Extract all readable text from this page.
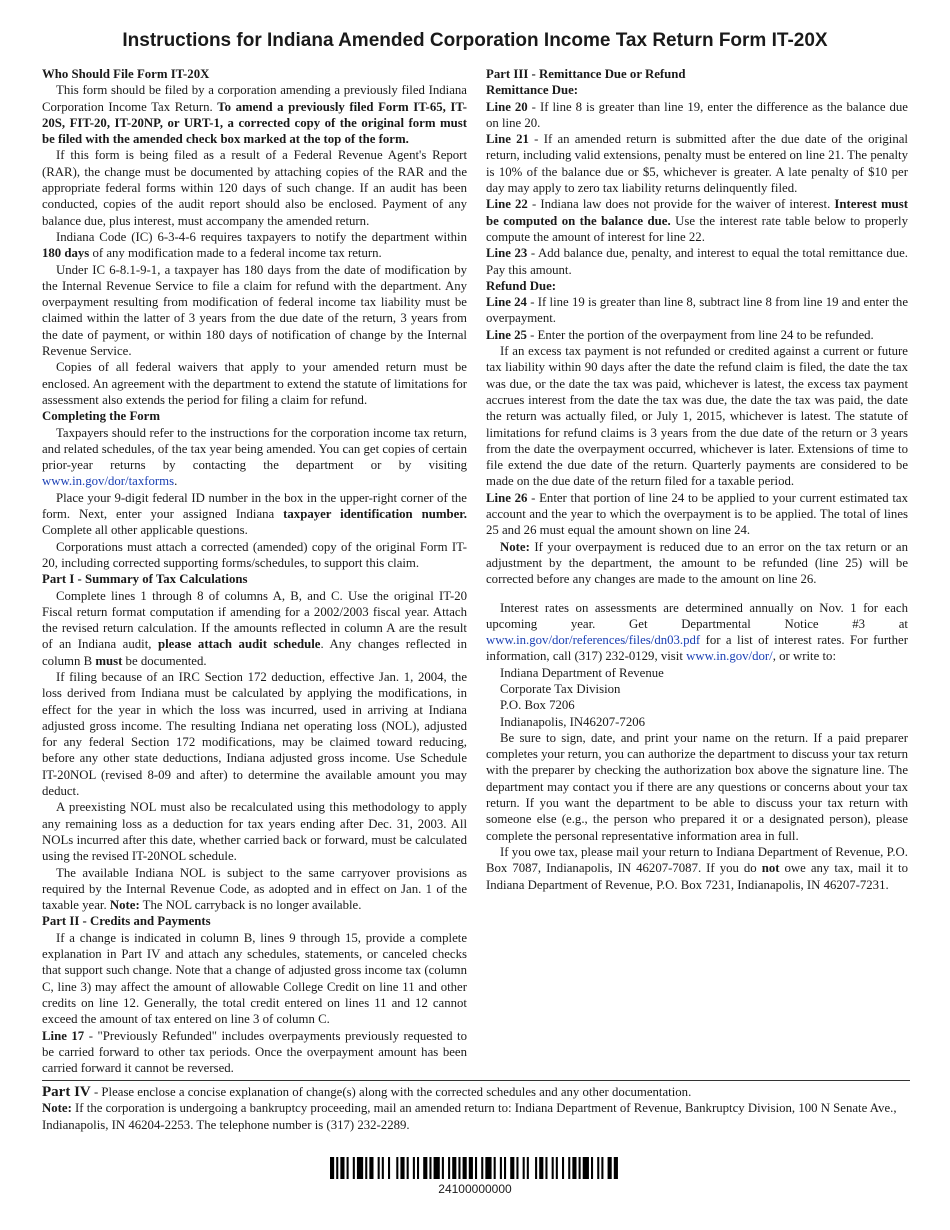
Instructions for Indiana Amended Corporation Income Tax Return Form IT-20X

Who Should File Form IT-20X

This form should be filed by a corporation amending a previously filed Indiana Corporation Income Tax Return. To amend a previously filed Form IT-65, IT-20S, FIT-20, IT-20NP, or URT-1, a corrected copy of the original form must be filed with the amended check box marked at the top of the form.

If this form is being filed as a result of a Federal Revenue Agent's Report (RAR), the change must be documented by attaching copies of the RAR and the appropriate federal forms within 120 days of such change. If an audit has been conducted, copies of the audit report should also be enclosed. Payment of any balance due, plus interest, must accompany the amended return.

Indiana Code (IC) 6-3-4-6 requires taxpayers to notify the department within 180 days of any modification made to a federal income tax return.

Under IC 6-8.1-9-1, a taxpayer has 180 days from the date of modification by the Internal Revenue Service to file a claim for refund with the department. Any overpayment resulting from modification of federal income tax liability must be claimed within the latter of 3 years from the due date of the return, 3 years from the date of payment, or within 180 days of notification of change by the Internal Revenue Service.

Copies of all federal waivers that apply to your amended return must be enclosed. An agreement with the department to extend the statute of limitations for assessment also extends the period for filing a claim for refund.

Completing the Form

Taxpayers should refer to the instructions for the corporation income tax return, and related schedules, of the tax year being amended. You can get copies of certain prior-year returns by contacting the department or by visiting www.in.gov/dor/taxforms.

Place your 9-digit federal ID number in the box in the upper-right corner of the form. Next, enter your assigned Indiana taxpayer identification number. Complete all other applicable questions.

Corporations must attach a corrected (amended) copy of the original Form IT-20, including corrected supporting forms/schedules, to support this claim.

Part I - Summary of Tax Calculations

Complete lines 1 through 8 of columns A, B, and C. Use the original IT-20 Fiscal return format computation if amending for a 2002/2003 fiscal year. Attach the revised return calculation. If the amounts reflected in column A are the result of an Indiana audit, please attach audit schedule. Any changes reflected in column B must be documented.

If filing because of an IRC Section 172 deduction, effective Jan. 1, 2004, the loss derived from Indiana must be calculated by applying the modifications, in effect for the year in which the loss was incurred, used in arriving at Indiana adjusted gross income. The resulting Indiana net operating loss (NOL), adjusted for any federal Section 172 modifications, may be claimed toward reducing, before any other state deductions, Indiana adjusted gross income. Use Schedule IT-20NOL (revised 8-09 and after) to determine the available amount you may deduct.

A preexisting NOL must also be recalculated using this methodology to apply any remaining loss as a deduction for tax years ending after Dec. 31, 2003. All NOLs incurred after this date, whether carried back or forward, must be calculated using the revised IT-20NOL schedule.

The available Indiana NOL is subject to the same carryover provisions as required by the Internal Revenue Code, as adopted and in effect on Jan. 1 of the taxable year. Note: The NOL carryback is no longer available.

Part II - Credits and Payments

If a change is indicated in column B, lines 9 through 15, provide a complete explanation in Part IV and attach any schedules, statements, or canceled checks that support such change. Note that a change of adjusted gross income tax (column C, line 3) may affect the amount of allowable College Credit on line 11 and other credits on line 12. Generally, the total credit entered on lines 11 and 12 cannot exceed the amount of tax entered on line 3 of column C.

Line 17 - "Previously Refunded" includes overpayments previously requested to be carried forward to other tax periods. Once the overpayment amount has been carried forward it cannot be reversed.

Part III - Remittance Due or Refund

Remittance Due:

Line 20 - If line 8 is greater than line 19, enter the difference as the balance due on line 20.

Line 21 - If an amended return is submitted after the due date of the original return, including valid extensions, penalty must be entered on line 21. The penalty is 10% of the balance due or $5, whichever is greater. A late penalty of $10 per day may apply to zero tax liability returns delinquently filed.

Line 22 - Indiana law does not provide for the waiver of interest. Interest must be computed on the balance due. Use the interest rate table below to properly compute the amount of interest for line 22.

Line 23 - Add balance due, penalty, and interest to equal the total remittance due. Pay this amount.

Refund Due:

Line 24 - If line 19 is greater than line 8, subtract line 8 from line 19 and enter the overpayment.

Line 25 - Enter the portion of the overpayment from line 24 to be refunded.

If an excess tax payment is not refunded or credited against a current or future tax liability within 90 days after the date the refund claim is filed, the date the tax was due, or the date the tax was paid, whichever is latest, the excess tax payment accrues interest from the date the tax was due, the date the tax was paid, the date the return was actually filed, or July 1, 2015, whichever is latest. The statute of limitations for refund claims is 3 years from the due date of the return or 3 years from the date the overpayment occurred, whichever is later. Extensions of time to file extend the due date of the return. Quarterly payments are considered to be made on the due date of the return filed for a taxable period.

Line 26 - Enter that portion of line 24 to be applied to your current estimated tax account and the year to which the overpayment is to be applied. The total of lines 25 and 26 must equal the amount shown on line 24.

Note: If your overpayment is reduced due to an error on the tax return or an adjustment by the department, the amount to be refunded (line 25) will be corrected before any changes are made to the amount on line 26.

Interest rates on assessments are determined annually on Nov. 1 for each upcoming year. Get Departmental Notice #3 at www.in.gov/dor/references/files/dn03.pdf for a list of interest rates. For further information, call (317) 232-0129, visit www.in.gov/dor/, or write to:

Indiana Department of Revenue

Corporate Tax Division

P.O. Box 7206

Indianapolis, IN46207-7206

Be sure to sign, date, and print your name on the return. If a paid preparer completes your return, you can authorize the department to discuss your tax return with the preparer by checking the authorization box above the signature line. The department may contact you if there are any questions or concerns about your tax return. If you want the department to be able to discuss your tax return with someone else (e.g., the person who prepared it or a designated person), please complete the personal representative information area in full.

If you owe tax, please mail your return to Indiana Department of Revenue, P.O. Box 7087, Indianapolis, IN 46207-7087. If you do not owe any tax, mail it to Indiana Department of Revenue, P.O. Box 7231, Indianapolis, IN 46207-7231.

Part IV - Please enclose a concise explanation of change(s) along with the corrected schedules and any other documentation.

Note: If the corporation is undergoing a bankruptcy proceeding, mail an amended return to: Indiana Department of Revenue, Bankruptcy Division, 100 N Senate Ave., Indianapolis, IN 46204-2253. The telephone number is (317) 232-2289.

24100000000
